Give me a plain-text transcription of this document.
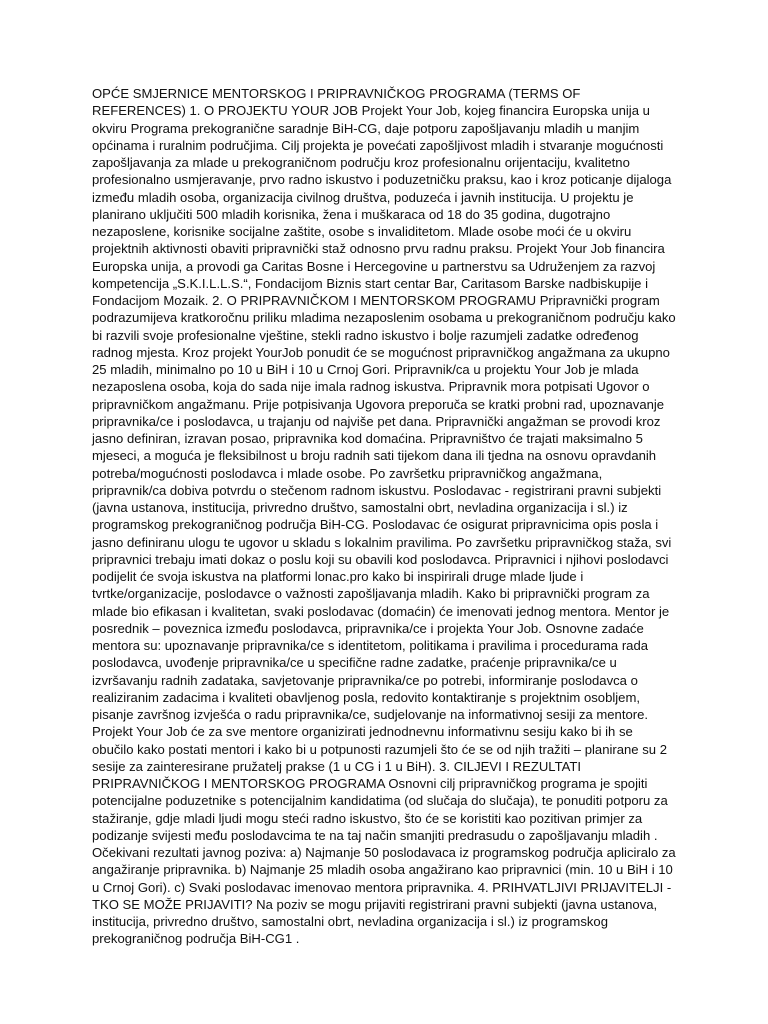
OPĆE SMJERNICE MENTORSKOG I PRIPRAVNIČKOG PROGRAMA (TERMS OF REFERENCES) 1. O PROJEKTU YOUR JOB Projekt Your Job, kojeg financira Europska unija u okviru Programa prekogranične saradnje BiH-CG, daje potporu zapošljavanju mladih u manjim općinama i ruralnim područjima. Cilj projekta je povećati zapošljivost mladih i stvaranje mogućnosti zapošljavanja za mlade u prekograničnom području kroz profesionalnu orijentaciju, kvalitetno profesionalno usmjeravanje, prvo radno iskustvo i poduzetničku praksu, kao i kroz poticanje dijaloga između mladih osoba, organizacija civilnog društva, poduzeća i javnih institucija. U projektu je planirano uključiti 500 mladih korisnika, žena i muškaraca od 18 do 35 godina, dugotrajno nezaposlene, korisnike socijalne zaštite, osobe s invaliditetom. Mlade osobe moći će u okviru projektnih aktivnosti obaviti pripravnički staž odnosno prvu radnu praksu. Projekt Your Job financira Europska unija, a provodi ga Caritas Bosne i Hercegovine u partnerstvu sa Udruženjem za razvoj kompetencija „S.K.I.L.L.S.“, Fondacijom Biznis start centar Bar, Caritasom Barske nadbiskupije i Fondacijom Mozaik. 2. O PRIPRAVNIČKOM I MENTORSKOM PROGRAMU Pripravnički program podrazumijeva kratkoročnu priliku mladima nezaposlenim osobama u prekograničnom području kako bi razvili svoje profesionalne vještine, stekli radno iskustvo i bolje razumjeli zadatke određenog radnog mjesta. Kroz projekt YourJob ponudit će se mogućnost pripravničkog angažmana za ukupno 25 mladih, minimalno po 10 u BiH i 10 u Crnoj Gori. Pripravnik/ca u projektu Your Job je mlada nezaposlena osoba, koja do sada nije imala radnog iskustva. Pripravnik mora potpisati Ugovor o pripravničkom angažmanu. Prije potpisivanja Ugovora preporuča se kratki probni rad, upoznavanje pripravnika/ce i poslodavca, u trajanju od najviše pet dana. Pripravnički angažman se provodi kroz jasno definiran, izravan posao, pripravnika kod domaćina. Pripravništvo će trajati maksimalno 5 mjeseci, a moguća je fleksibilnost u broju radnih sati tijekom dana ili tjedna na osnovu opravdanih potreba/mogućnosti poslodavca i mlade osobe. Po završetku pripravničkog angažmana, pripravnik/ca dobiva potvrdu o stečenom radnom iskustvu. Poslodavac - registrirani pravni subjekti (javna ustanova, institucija, privredno društvo, samostalni obrt, nevladina organizacija i sl.) iz programskog prekograničnog područja BiH-CG. Poslodavac će osigurat pripravnicima opis posla i jasno definiranu ulogu te ugovor u skladu s lokalnim pravilima. Po završetku pripravničkog staža, svi pripravnici trebaju imati dokaz o poslu koji su obavili kod poslodavca. Pripravnici i njihovi poslodavci podijelit će svoja iskustva na platformi lonac.pro kako bi inspirirali druge mlade ljude i tvrtke/organizacije, poslodavce o važnosti zapošljavanja mladih. Kako bi pripravnički program za mlade bio efikasan i kvalitetan, svaki poslodavac (domaćin) će imenovati jednog mentora. Mentor je posrednik – poveznica između poslodavca, pripravnika/ce i projekta Your Job. Osnovne zadaće mentora su: upoznavanje pripravnika/ce s identitetom, politikama i pravilima i procedurama rada poslodavca, uvođenje pripravnika/ce u specifične radne zadatke, praćenje pripravnika/ce u izvršavanju radnih zadataka, savjetovanje pripravnika/ce po potrebi, informiranje poslodavca o realiziranim zadacima i kvaliteti obavljenog posla, redovito kontaktiranje s projektnim osobljem, pisanje završnog izvješća o radu pripravnika/ce, sudjelovanje na informativnoj sesiji za mentore. Projekt Your Job će za sve mentore organizirati jednodnevnu informativnu sesiju kako bi ih se obučilo kako postati mentori i kako bi u potpunosti razumjeli što će se od njih tražiti – planirane su 2 sesije za zainteresirane pružatelj prakse (1 u CG i 1 u BiH). 3. CILJEVI I REZULTATI PRIPRAVNIČKOG I MENTORSKOG PROGRAMA Osnovni cilj pripravničkog programa je spojiti potencijalne poduzetnike s potencijalnim kandidatima (od slučaja do slučaja), te ponuditi potporu za stažiranje, gdje mladi ljudi mogu steći radno iskustvo, što će se koristiti kao pozitivan primjer za podizanje svijesti među poslodavcima te na taj način smanjiti predrasudu o zapošljavanju mladih . Očekivani rezultati javnog poziva: a) Najmanje 50 poslodavaca iz programskog područja apliciralo za angažiranje pripravnika. b) Najmanje 25 mladih osoba angažirano kao pripravnici (min. 10 u BiH i 10 u Crnoj Gori). c) Svaki poslodavac imenovao mentora pripravnika. 4. PRIHVATLJIVI PRIJAVITELJI - TKO SE MOŽE PRIJAVITI? Na poziv se mogu prijaviti registrirani pravni subjekti (javna ustanova, institucija, privredno društvo, samostalni obrt, nevladina organizacija i sl.) iz programskog prekograničnog područja BiH-CG1 .
